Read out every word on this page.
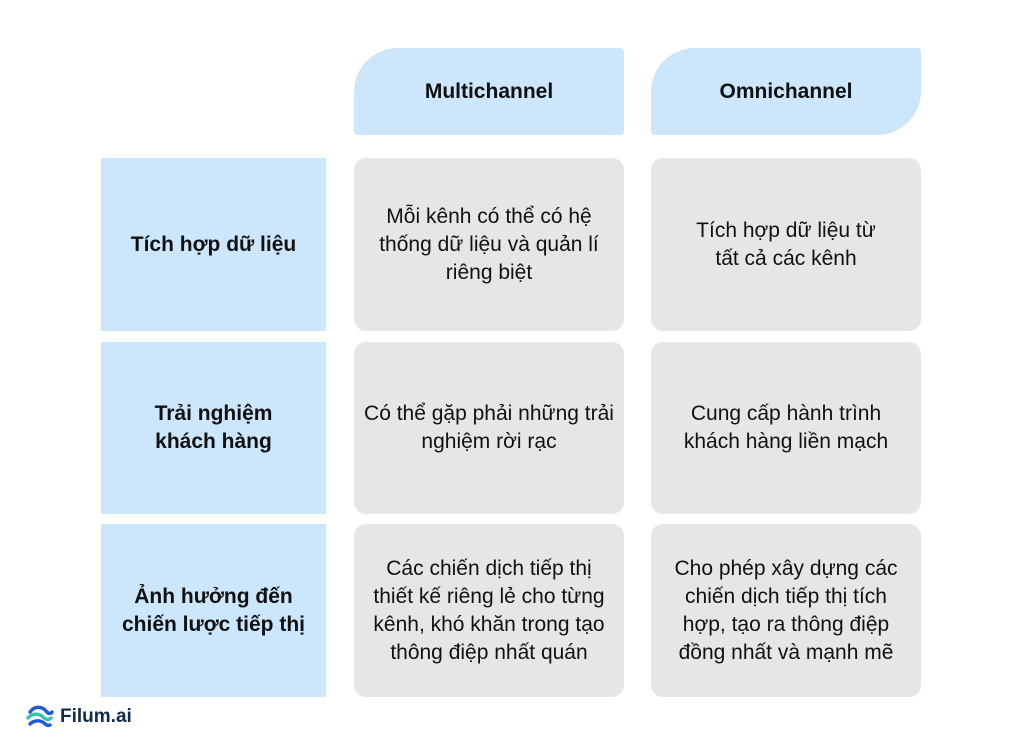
Multichannel	Omnichannel
Tích hợp dữ liệu
Mỗi kênh có thể có hệ thống dữ liệu và quản lí riêng biệt
Tích hợp dữ liệu từ tất cả các kênh
Trải nghiệm khách hàng
Có thể gặp phải những trải nghiệm rời rạc
Cung cấp hành trình khách hàng liền mạch
Ảnh hưởng đến chiến lược tiếp thị
Các chiến dịch tiếp thị thiết kế riêng lẻ cho từng kênh, khó khăn trong tạo thông điệp nhất quán
Cho phép xây dựng các chiến dịch tiếp thị tích hợp, tạo ra thông điệp đồng nhất và mạnh mẽ
Filum.ai
